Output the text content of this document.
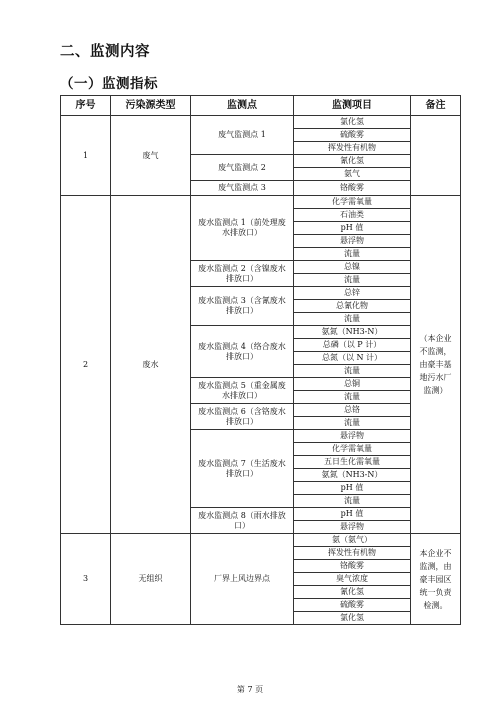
二、监测内容
（一）监测指标
序号	污染源类型	监测点	监测项目	备注
1	废气	废气监测点 1	氯化氢	
			硫酸雾	
			挥发性有机物	
		废气监测点 2	氰化氢	
			氨气	
		废气监测点 3	铬酸雾	
2	废水	废水监测点 1（前处理废水排放口）	化学需氧量	（本企业不监测，由豪丰基地污水厂监测）
			石油类	
			pH 值	
			悬浮物	
			流量	
		废水监测点 2（含镍废水排放口）	总镍	
			流量	
		废水监测点 3（含氰废水排放口）	总锌	
			总氰化物	
			流量	
		废水监测点 4（络合废水排放口）	氨氮（NH3-N）	
			总磷（以 P 计）	
			总氮（以 N 计）	
			流量	
		废水监测点 5（重金属废水排放口）	总铜	
			流量	
		废水监测点 6（含铬废水排放口）	总铬	
			流量	
		废水监测点 7（生活废水排放口）	悬浮物	
			化学需氧量	
			五日生化需氧量	
			氨氮（NH3-N）	
			pH 值	
			流量	
		废水监测点 8（雨水排放口）	pH 值	
			悬浮物	
3	无组织	厂界上风边界点	氨（氨气）	本企业不监测，由豪丰园区统一负责检测。
			挥发性有机物	
			铬酸雾	
			臭气浓度	
			氰化氢	
			硫酸雾	
			氯化氢	
第 7 页
